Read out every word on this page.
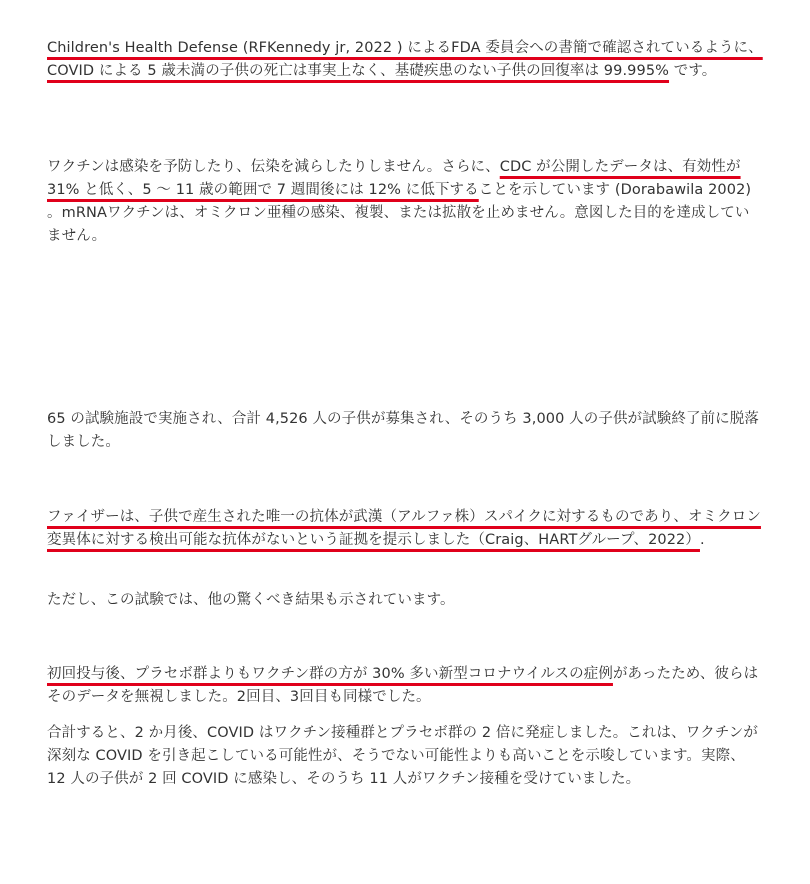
Children's Health Defense (RFKennedy jr, 2022 ) によるFDA 委員会への書簡で確認されているように、COVID による 5 歳未満の子供の死亡は事実上なく、基礎疾患のない子供の回復率は 99.995% です。

ワクチンは感染を予防したり、伝染を減らしたりしません。さらに、CDC が公開したデータは、有効性が 31% と低く、5 ～ 11 歳の範囲で 7 週間後には 12% に低下することを示しています (Dorabawila 2002) 。mRNAワクチンは、オミクロン亜種の感染、複製、または拡散を止めません。意図した目的を達成していません。

65 の試験施設で実施され、合計 4,526 人の子供が募集され、そのうち 3,000 人の子供が試験終了前に脱落しました。

ファイザーは、子供で産生された唯一の抗体が武漢（アルファ株）スパイクに対するものであり、オミクロン変異体に対する検出可能な抗体がないという証拠を提示しました（Craig、HARTグループ、2022）.

ただし、この試験では、他の驚くべき結果も示されています。

初回投与後、プラセボ群よりもワクチン群の方が 30% 多い新型コロナウイルスの症例があったため、彼らはそのデータを無視しました。2回目、3回目も同様でした。

合計すると、2 か月後、COVID はワクチン接種群とプラセボ群の 2 倍に発症しました。これは、ワクチンが深刻な COVID を引き起こしている可能性が、そうでない可能性よりも高いことを示唆しています。実際、12 人の子供が 2 回 COVID に感染し、そのうち 11 人がワクチン接種を受けていました。
